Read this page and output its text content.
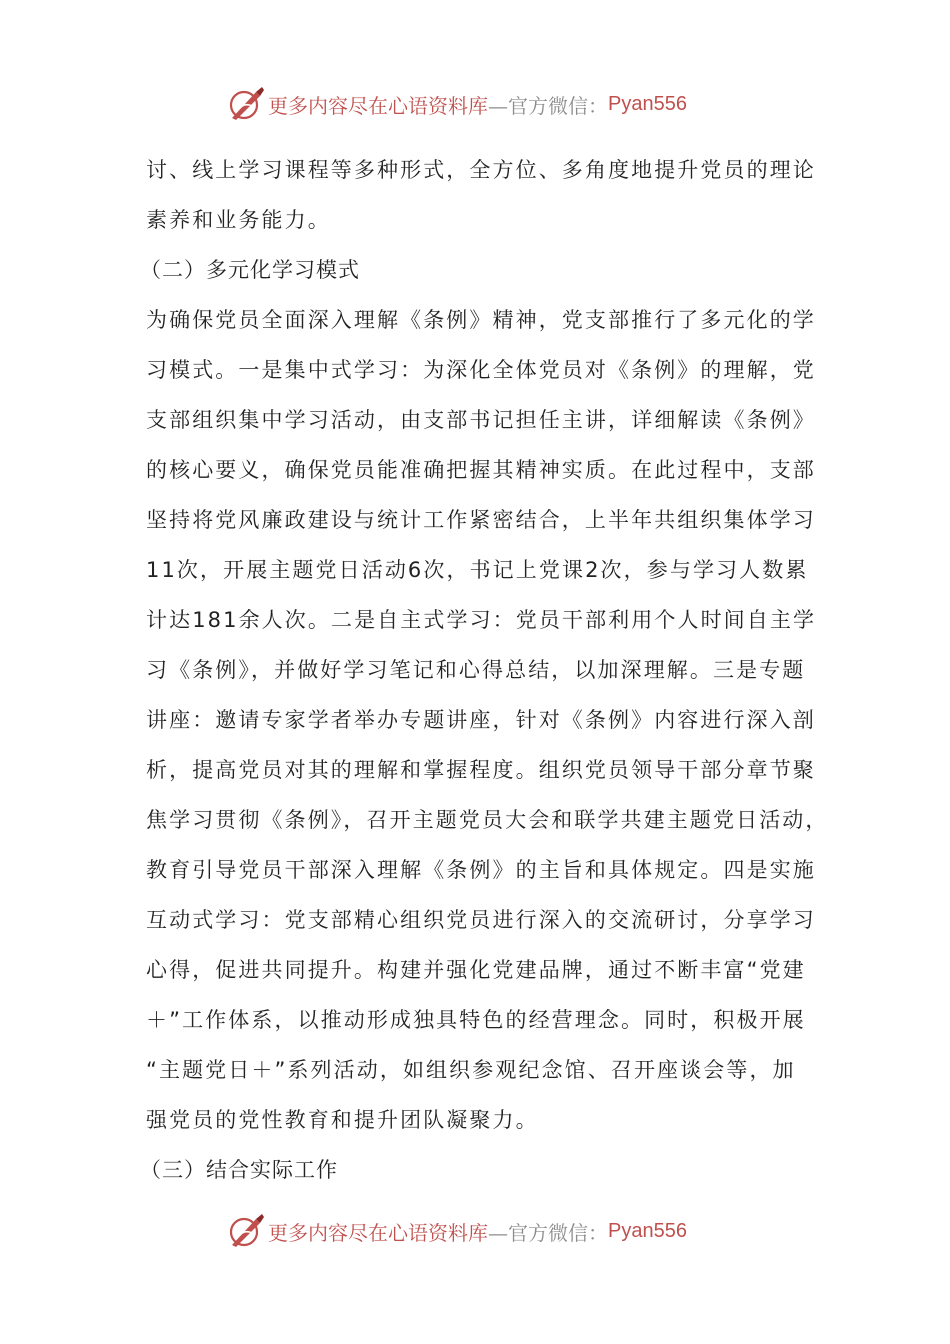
更多内容尽在心语资料库 —官方微信： Pyan556
讨、线上学习课程等多种形式，全方位、多角度地提升党员的理论
素养和业务能力。
（二）多元化学习模式
为确保党员全面深入理解《条例》精神，党支部推行了多元化的学
习模式。一是集中式学习：为深化全体党员对《条例》的理解，党
支部组织集中学习活动，由支部书记担任主讲，详细解读《条例》
的核心要义，确保党员能准确把握其精神实质。在此过程中，支部
坚持将党风廉政建设与统计工作紧密结合，上半年共组织集体学习
11次，开展主题党日活动6次，书记上党课2次，参与学习人数累
计达181余人次。二是自主式学习：党员干部利用个人时间自主学
习《条例》，并做好学习笔记和心得总结，以加深理解。三是专题
讲座：邀请专家学者举办专题讲座，针对《条例》内容进行深入剖
析，提高党员对其的理解和掌握程度。组织党员领导干部分章节聚
焦学习贯彻《条例》，召开主题党员大会和联学共建主题党日活动，
教育引导党员干部深入理解《条例》的主旨和具体规定。四是实施
互动式学习：党支部精心组织党员进行深入的交流研讨，分享学习
心得，促进共同提升。构建并强化党建品牌，通过不断丰富“党建
＋”工作体系，以推动形成独具特色的经营理念。同时，积极开展
“主题党日＋”系列活动，如组织参观纪念馆、召开座谈会等，加
强党员的党性教育和提升团队凝聚力。
（三）结合实际工作
更多内容尽在心语资料库 —官方微信： Pyan556
